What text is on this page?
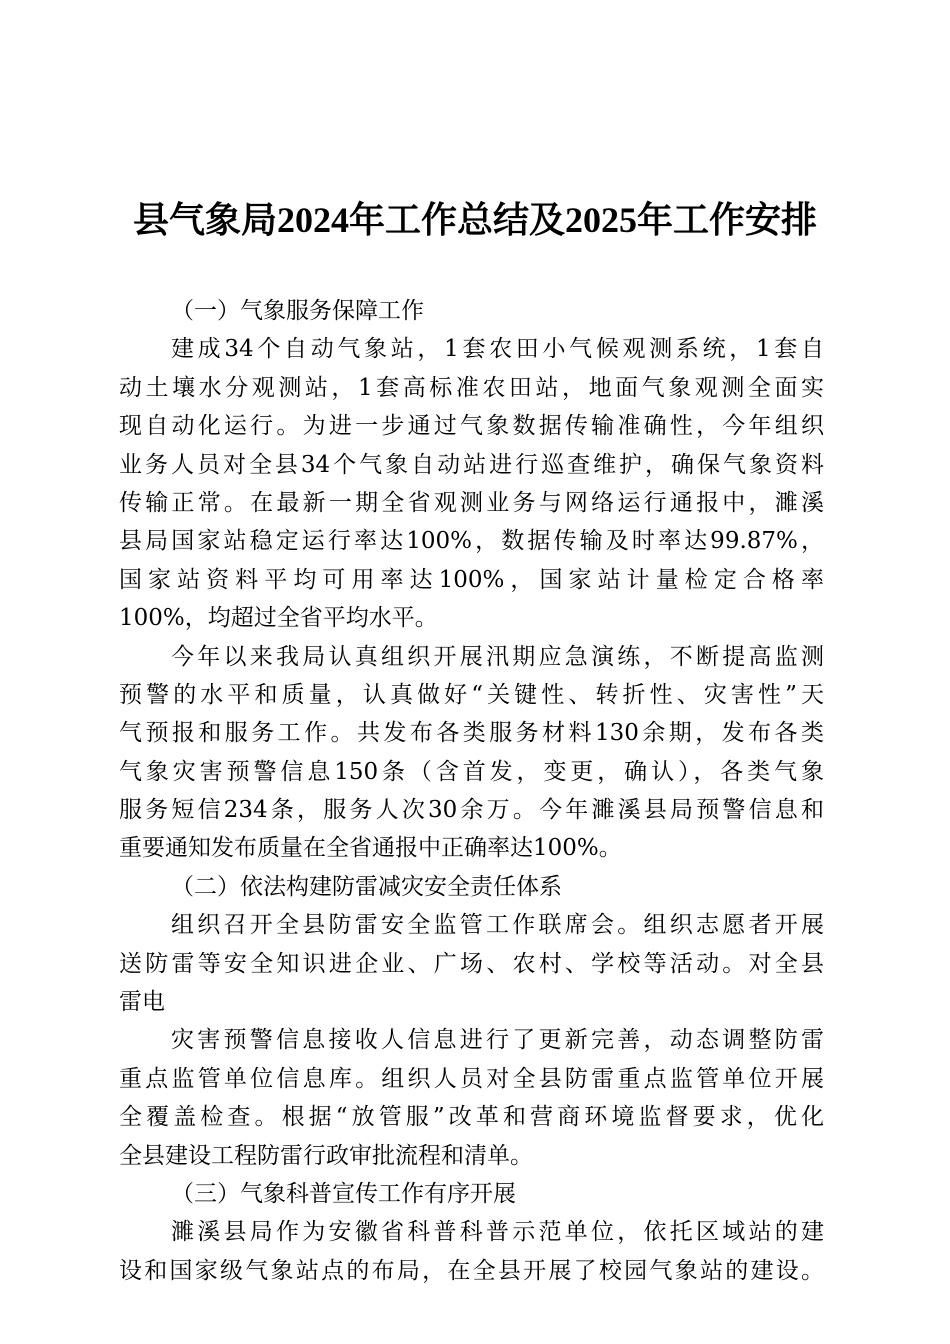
县气象局2024年工作总结及2025年工作安排
（一）气象服务保障工作
建成34个自动气象站，1套农田小气候观测系统，1套自
动土壤水分观测站，1套高标准农田站，地面气象观测全面实
现自动化运行。为进一步通过气象数据传输准确性，今年组织
业务人员对全县34个气象自动站进行巡查维护，确保气象资料
传输正常。在最新一期全省观测业务与网络运行通报中，濉溪
县局国家站稳定运行率达100%，数据传输及时率达99.87%，
国家站资料平均可用率达100%，国家站计量检定合格率
100%，均超过全省平均水平。
今年以来我局认真组织开展汛期应急演练，不断提高监测
预警的水平和质量，认真做好“关键性、转折性、灾害性”天
气预报和服务工作。共发布各类服务材料130余期，发布各类
气象灾害预警信息150条（含首发，变更，确认），各类气象
服务短信234条，服务人次30余万。今年濉溪县局预警信息和
重要通知发布质量在全省通报中正确率达100%。
（二）依法构建防雷减灾安全责任体系
组织召开全县防雷安全监管工作联席会。组织志愿者开展
送防雷等安全知识进企业、广场、农村、学校等活动。对全县
雷电
灾害预警信息接收人信息进行了更新完善，动态调整防雷
重点监管单位信息库。组织人员对全县防雷重点监管单位开展
全覆盖检查。根据“放管服”改革和营商环境监督要求，优化
全县建设工程防雷行政审批流程和清单。
（三）气象科普宣传工作有序开展
濉溪县局作为安徽省科普科普示范单位，依托区域站的建
设和国家级气象站点的布局，在全县开展了校园气象站的建设。
